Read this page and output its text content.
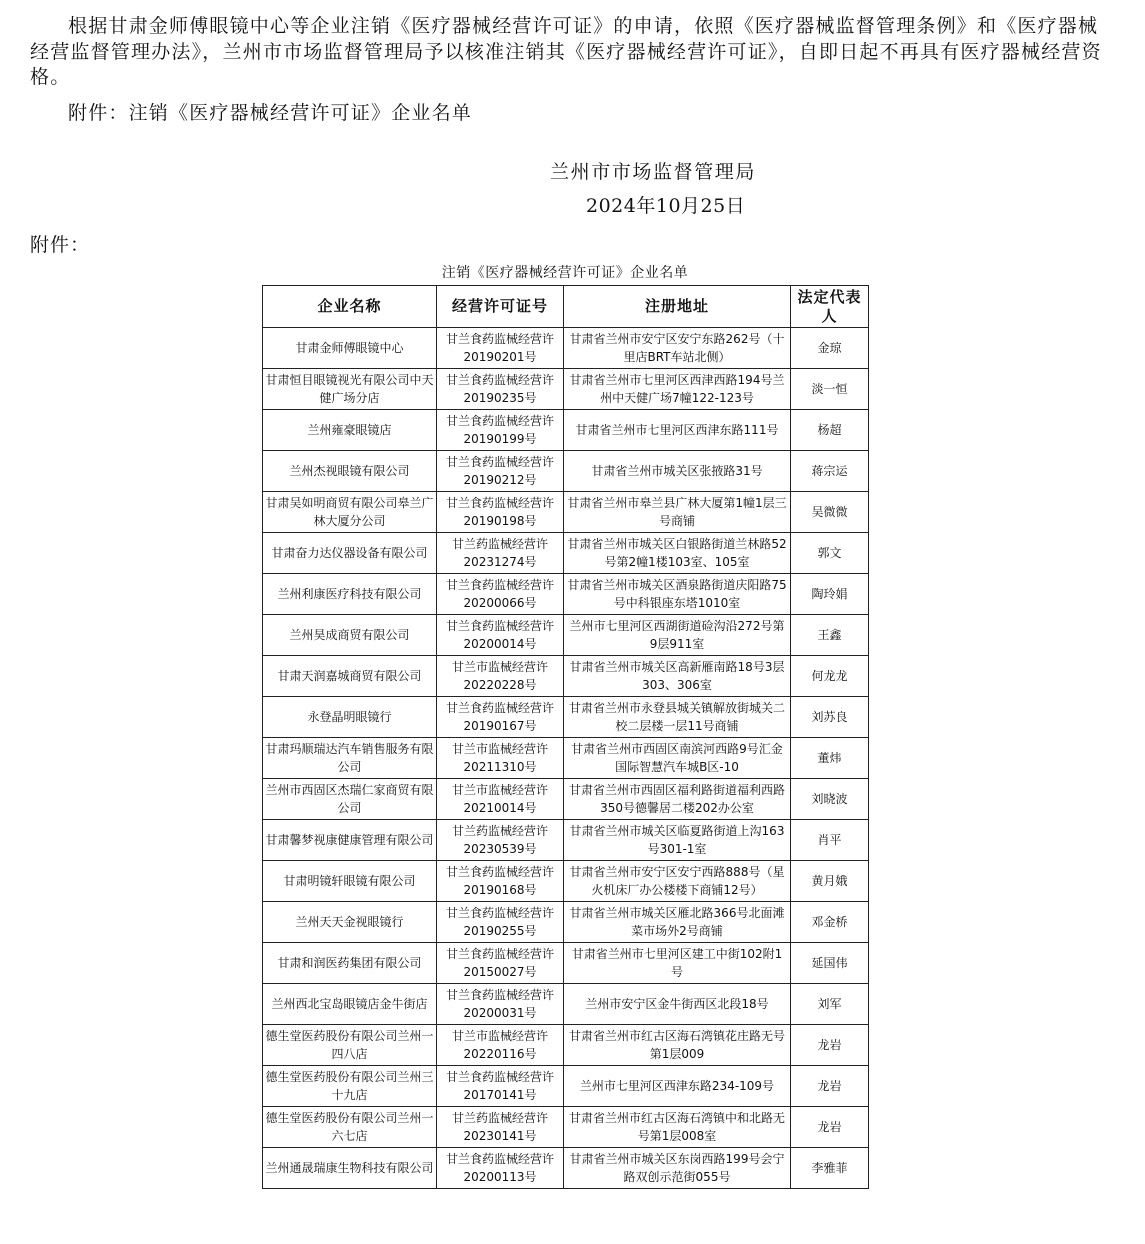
根据甘肃金师傅眼镜中心等企业注销《医疗器械经营许可证》的申请，依照《医疗器械监督管理条例》和《医疗器械经营监督管理办法》，兰州市市场监督管理局予以核准注销其《医疗器械经营许可证》，自即日起不再具有医疗器械经营资格。

附件：注销《医疗器械经营许可证》企业名单
兰州市市场监督管理局
2024年10月25日
附件：
注销《医疗器械经营许可证》企业名单
企业名称	经营许可证号	注册地址	法定代表人
甘肃金师傅眼镜中心	甘兰食药监械经营许20190201号	甘肃省兰州市安宁区安宁东路262号（十里店BRT车站北侧）	金琼
甘肃恒目眼镜视光有限公司中天健广场分店	甘兰食药监械经营许20190235号	甘肃省兰州市七里河区西津西路194号兰州中天健广场7幢122-123号	淡一恒
兰州雍豪眼镜店	甘兰食药监械经营许20190199号	甘肃省兰州市七里河区西津东路111号	杨超
兰州杰视眼镜有限公司	甘兰食药监械经营许20190212号	甘肃省兰州市城关区张掖路31号	蒋宗运
甘肃吴如明商贸有限公司皋兰广林大厦分公司	甘兰食药监械经营许20190198号	甘肃省兰州市皋兰县广林大厦第1幢1层三号商铺	吴微微
甘肃奋力达仪器设备有限公司	甘兰药监械经营许20231274号	甘肃省兰州市城关区白银路街道兰林路52号第2幢1楼103室、105室	郭文
兰州利康医疗科技有限公司	甘兰食药监械经营许20200066号	甘肃省兰州市城关区酒泉路街道庆阳路75号中科银座东塔1010室	陶玲娟
兰州昊成商贸有限公司	甘兰食药监械经营许20200014号	兰州市七里河区西湖街道硷沟沿272号第9层911室	王鑫
甘肃天润嘉城商贸有限公司	甘兰市监械经营许20220228号	甘肃省兰州市城关区高新雁南路18号3层303、306室	何龙龙
永登晶明眼镜行	甘兰食药监械经营许20190167号	甘肃省兰州市永登县城关镇解放街城关二校二层楼一层11号商铺	刘苏良
甘肃玛顺瑞达汽车销售服务有限公司	甘兰市监械经营许20211310号	甘肃省兰州市西固区南滨河西路9号汇金国际智慧汽车城B区-10	董炜
兰州市西固区杰瑞仁家商贸有限公司	甘兰市监械经营许20210014号	甘肃省兰州市西固区福利路街道福利西路350号德馨居二楼202办公室	刘晓波
甘肃馨梦视康健康管理有限公司	甘兰药监械经营许20230539号	甘肃省兰州市城关区临夏路街道上沟163号301-1室	肖平
甘肃明镜轩眼镜有限公司	甘兰食药监械经营许20190168号	甘肃省兰州市安宁区安宁西路888号（星火机床厂办公楼楼下商铺12号）	黄月娥
兰州天天金视眼镜行	甘兰食药监械经营许20190255号	甘肃省兰州市城关区雁北路366号北面滩菜市场外2号商铺	邓金桥
甘肃和润医药集团有限公司	甘兰食药监械经营许20150027号	甘肃省兰州市七里河区建工中街102附1号	延国伟
兰州西北宝岛眼镜店金牛街店	甘兰食药监械经营许20200031号	兰州市安宁区金牛街西区北段18号	刘军
德生堂医药股份有限公司兰州一四八店	甘兰市监械经营许20220116号	甘肃省兰州市红古区海石湾镇花庄路无号第1层009	龙岩
德生堂医药股份有限公司兰州三十九店	甘兰食药监械经营许20170141号	兰州市七里河区西津东路234-109号	龙岩
德生堂医药股份有限公司兰州一六七店	甘兰药监械经营许20230141号	甘肃省兰州市红古区海石湾镇中和北路无号第1层008室	龙岩
兰州通晟瑞康生物科技有限公司	甘兰食药监械经营许20200113号	甘肃省兰州市城关区东岗西路199号会宁路双创示范街055号	李雅菲
